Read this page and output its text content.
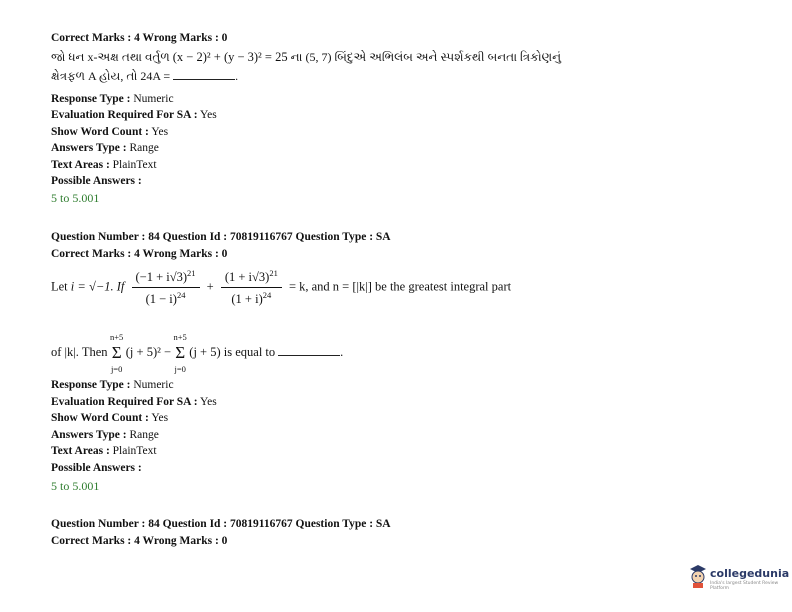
Correct Marks : 4 Wrong Marks : 0
જો ધન x-અક્ષ તથા વર્તુળ (x − 2)² + (y − 3)² = 25 ના (5, 7) બિંદુએ અભિલંબ અને સ્પર્શકથી બનતા ત્રિકોણનું
ક્ષેત્રફળ A હોય, તો 24A =	.
Response Type : Numeric
Evaluation Required For SA : Yes
Show Word Count : Yes
Answers Type : Range
Text Areas : PlainText
Possible Answers :
5 to 5.001
Question Number : 84 Question Id : 70819116767 Question Type : SA
Correct Marks : 4 Wrong Marks : 0
Let i = √−1. If $\frac{(-1 + i√3)^{21}}{(1 - i)^{24}} + \frac{(1 + i√3)^{21}}{(1 + i)^{24}} = k$, and n = [|k|] be the greatest integral part
of |k|. Then
n+5
Σ
j=0
(j + 5)² −
n+5
Σ
j=0
(j + 5) is equal to	.
Response Type : Numeric
Evaluation Required For SA : Yes
Show Word Count : Yes
Answers Type : Range
Text Areas : PlainText
Possible Answers :
5 to 5.001
Question Number : 84 Question Id : 70819116767 Question Type : SA
Correct Marks : 4 Wrong Marks : 0
collegedunia
India's largest Student Review Platform
